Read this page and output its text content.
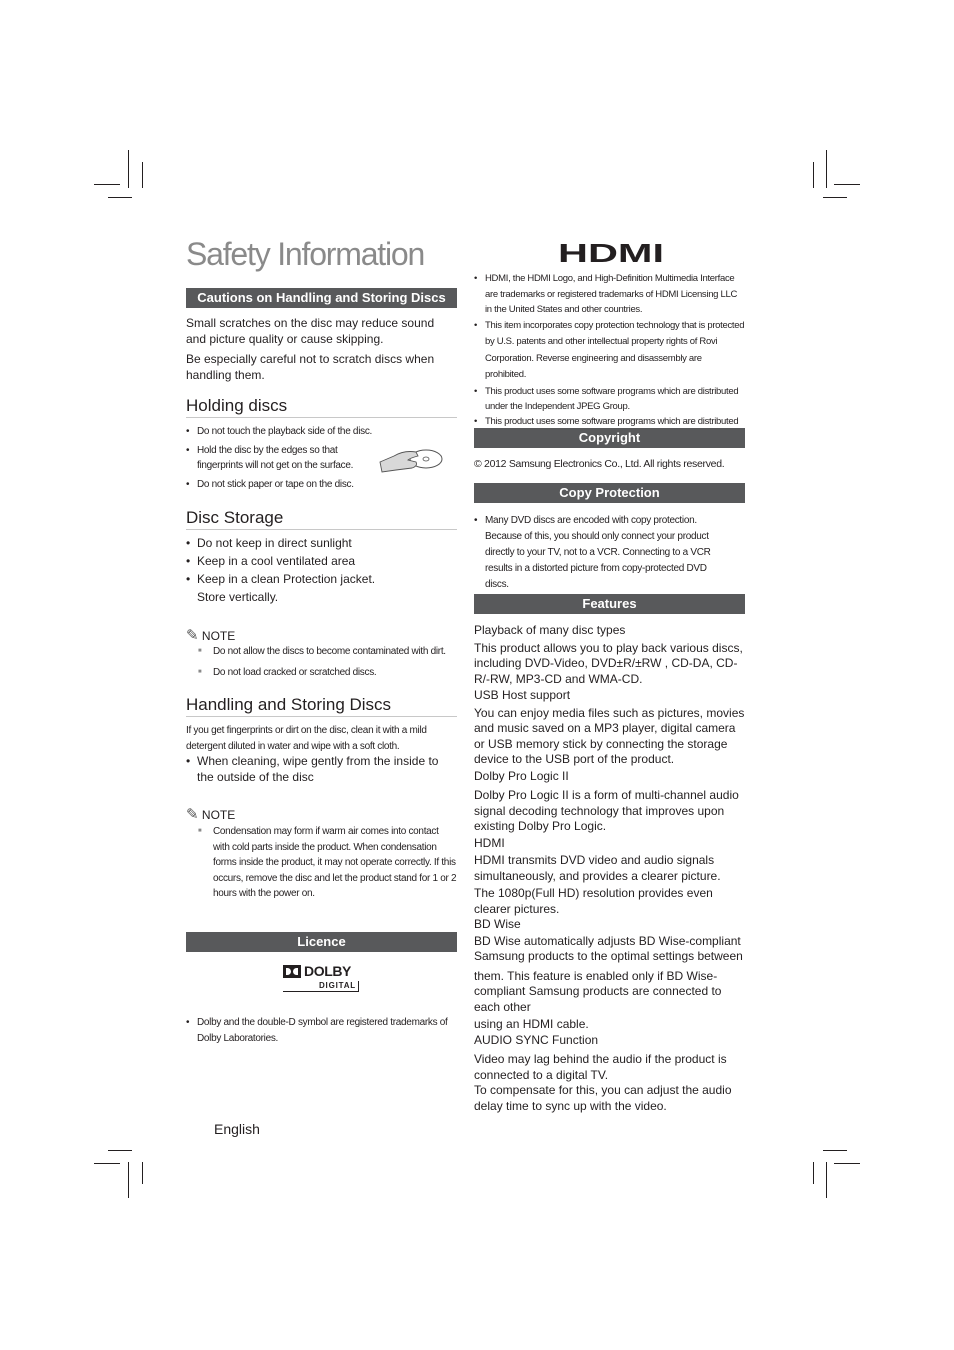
Safety Information
Cautions on Handling and Storing Discs
Small scratches on the disc may reduce sound and picture quality or cause skipping.
Be especially careful not to scratch discs when handling them.
Holding discs
• Do not touch the playback side of the disc.
• Hold the disc by the edges so that fingerprints will not get on the surface.
• Do not stick paper or tape on the disc.
Disc Storage
• Do not keep in direct sunlight
• Keep in a cool ventilated area
• Keep in a clean Protection jacket.
Store vertically.
✎ NOTE
■ Do not allow the discs to become contaminated with dirt.
■ Do not load cracked or scratched discs.
Handling and Storing Discs
If you get fingerprints or dirt on the disc, clean it with a mild detergent diluted in water and wipe with a soft cloth.
• When cleaning, wipe gently from the inside to the outside of the disc
✎ NOTE
■ Condensation may form if warm air comes into contact with cold parts inside the product. When condensation forms inside the product, it may not operate correctly. If this occurs, remove the disc and let the product stand for 1 or 2 hours with the power on.
Licence
DOLBY
DIGITAL
• Dolby and the double-D symbol are registered trademarks of Dolby Laboratories.
English
HDMI
• HDMI, the HDMI Logo, and High-Definition Multimedia Interface are trademarks or registered trademarks of HDMI Licensing LLC in the United States and other countries.
• This item incorporates copy protection technology that is protected by U.S. patents and other intellectual property rights of Rovi Corporation. Reverse engineering and disassembly are prohibited.
• This product uses some software programs which are distributed under the Independent JPEG Group.
• This product uses some software programs which are distributed
Copyright
© 2012 Samsung Electronics Co., Ltd. All rights reserved.
Copy Protection
• Many DVD discs are encoded with copy protection. Because of this, you should only connect your product directly to your TV, not to a VCR. Connecting to a VCR results in a distorted picture from copy-protected DVD discs.
Features
Playback of many disc types
This product allows you to play back various discs, including DVD-Video, DVD±R/±RW , CD-DA, CD-R/-RW, MP3-CD and WMA-CD.
USB Host support
You can enjoy media files such as pictures, movies and music saved on a MP3 player, digital camera or USB memory stick by connecting the storage device to the USB port of the product.
Dolby Pro Logic II
Dolby Pro Logic II is a form of multi-channel audio signal decoding technology that improves upon existing Dolby Pro Logic.
HDMI
HDMI transmits DVD video and audio signals simultaneously, and provides a clearer picture.
The 1080p(Full HD) resolution provides even clearer pictures.
BD Wise
BD Wise automatically adjusts BD Wise-compliant Samsung products to the optimal settings between
them. This feature is enabled only if BD Wise-compliant Samsung products are connected to each other
using an HDMI cable.
AUDIO SYNC Function
Video may lag behind the audio if the product is connected to a digital TV.
To compensate for this, you can adjust the audio delay time to sync up with the video.
